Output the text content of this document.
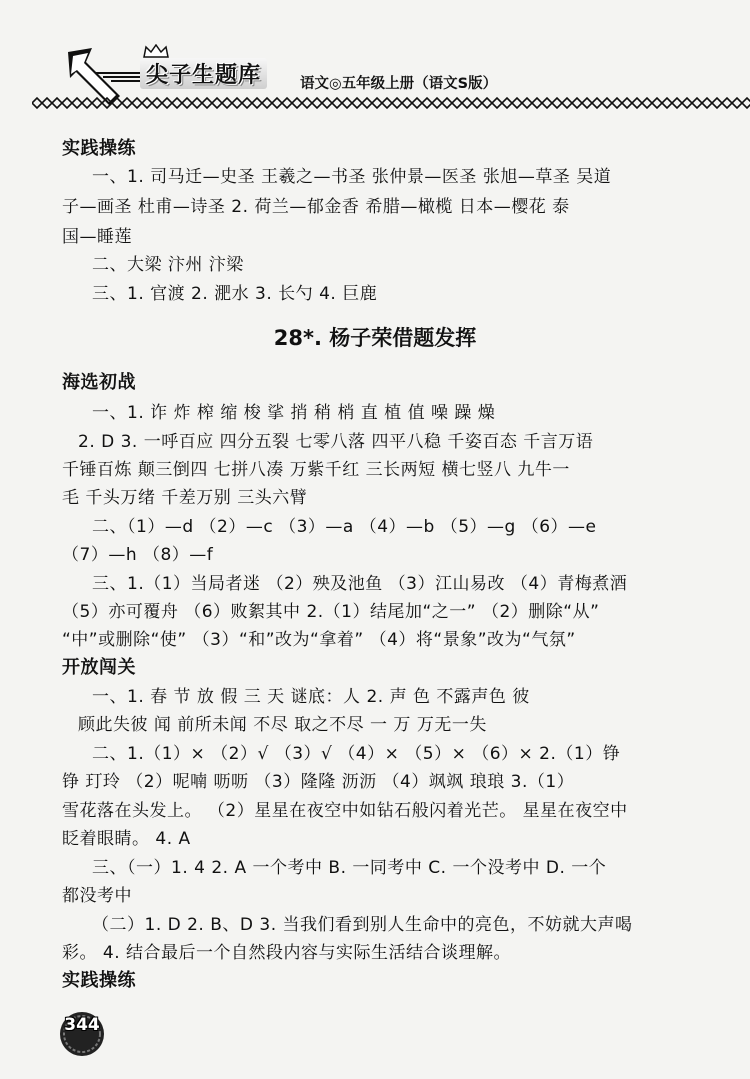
尖子生题库	语文◎五年级上册（语文S版）
实践操练
一、1. 司马迁—史圣 王羲之—书圣 张仲景—医圣 张旭—草圣 吴道
子—画圣 杜甫—诗圣 2. 荷兰—郁金香 希腊—橄榄 日本—樱花 泰
国—睡莲
二、大梁 汴州 汴梁
三、1. 官渡 2. 淝水 3. 长勺 4. 巨鹿
28*. 杨子荣借题发挥
海选初战
一、1. 诈 炸 榨 缩 梭 挲 捎 稍 梢 直 植 值 噪 躁 燥
2. D 3. 一呼百应 四分五裂 七零八落 四平八稳 千姿百态 千言万语
千锤百炼 颠三倒四 七拼八凑 万紫千红 三长两短 横七竖八 九牛一
毛 千头万绪 千差万别 三头六臂
二、（1）—d （2）—c （3）—a （4）—b （5）—g （6）—e
（7）—h （8）—f
三、1.（1）当局者迷 （2）殃及池鱼 （3）江山易改 （4）青梅煮酒
（5）亦可覆舟 （6）败絮其中 2.（1）结尾加“之一” （2）删除“从”
“中”或删除“使” （3）“和”改为“拿着” （4）将“景象”改为“气氛”
开放闯关
一、1. 春 节 放 假 三 天 谜底：人 2. 声 色 不露声色 彼
顾此失彼 闻 前所未闻 不尽 取之不尽 一 万 万无一失
二、1.（1）× （2）√ （3）√ （4）× （5）× （6）× 2.（1）铮
铮 玎玲 （2）呢喃 呖呖 （3）隆隆 沥沥 （4）飒飒 琅琅 3.（1）
雪花落在头发上。 （2）星星在夜空中如钻石般闪着光芒。 星星在夜空中
眨着眼睛。 4. A
三、（一）1. 4 2. A 一个考中 B. 一同考中 C. 一个没考中 D. 一个
都没考中
（二）1. D 2. B、D 3. 当我们看到别人生命中的亮色，不妨就大声喝
彩。 4. 结合最后一个自然段内容与实际生活结合谈理解。
实践操练
344
